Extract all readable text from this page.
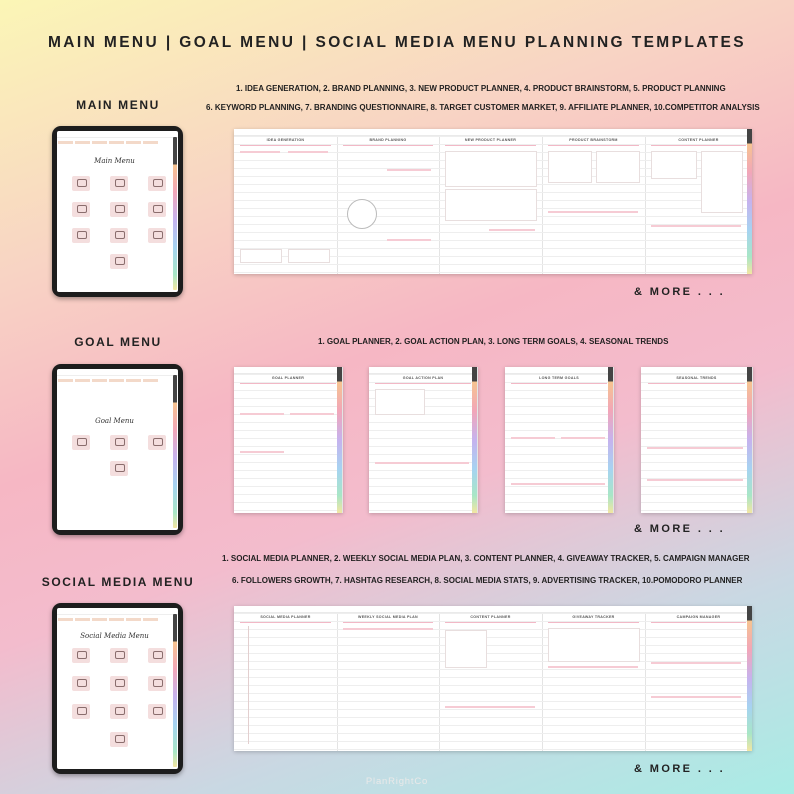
MAIN MENU | GOAL MENU | SOCIAL MEDIA MENU PLANNING TEMPLATES
MAIN MENU
1. IDEA GENERATION, 2. BRAND PLANNING, 3. NEW PRODUCT PLANNER, 4. PRODUCT BRAINSTORM, 5. PRODUCT PLANNING
6. KEYWORD PLANNING, 7. BRANDING QUESTIONNAIRE, 8. TARGET CUSTOMER MARKET, 9. AFFILIATE PLANNER, 10.COMPETITOR ANALYSIS
Main Menu
IDEA GENERATION	BRAND PLANNING	NEW PRODUCT PLANNER	PRODUCT BRAINSTORM	CONTENT PLANNER
& MORE . . .
GOAL MENU	1. GOAL PLANNER, 2. GOAL ACTION PLAN, 3. LONG TERM GOALS, 4. SEASONAL TRENDS
Goal Menu
GOAL PLANNER	GOAL ACTION PLAN	LONG TERM GOALS	SEASONAL TRENDS
& MORE . . .
1. SOCIAL MEDIA PLANNER, 2. WEEKLY SOCIAL MEDIA PLAN, 3. CONTENT PLANNER, 4. GIVEAWAY TRACKER, 5. CAMPAIGN MANAGER
SOCIAL MEDIA MENU	6. FOLLOWERS GROWTH, 7. HASHTAG RESEARCH, 8. SOCIAL MEDIA STATS, 9. ADVERTISING TRACKER, 10.POMODORO PLANNER
Social Media Menu
SOCIAL MEDIA PLANNER	WEEKLY SOCIAL MEDIA PLAN	CONTENT PLANNER	GIVEAWAY TRACKER	CAMPAIGN MANAGER
& MORE . . .
PlanRightCo
